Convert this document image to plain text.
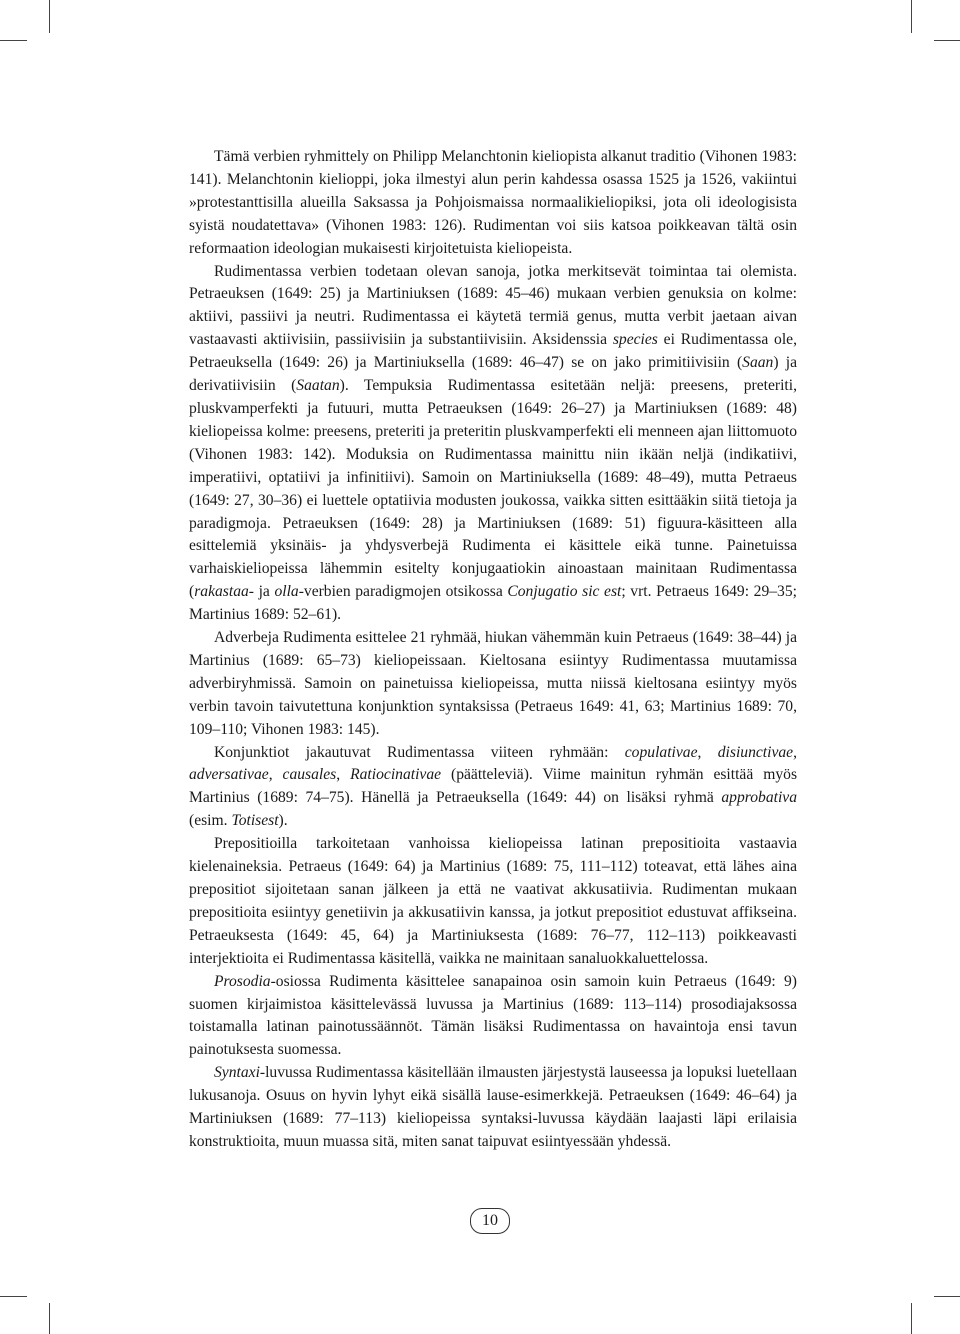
Tämä verbien ryhmittely on Philipp Melanchtonin kieliopista alkanut traditio (Vihonen 1983: 141). Melanchtonin kielioppi, joka ilmestyi alun perin kahdessa osassa 1525 ja 1526, vakiintui »protestanttisilla alueilla Saksassa ja Pohjoismaissa normaalikieliopiksi, jota oli ideologisista syistä noudatettava» (Vihonen 1983: 126). Rudimentan voi siis katsoa poikkeavan tältä osin reformaation ideologian mukaisesti kirjoitetuista kieliopeista.

Rudimentassa verbien todetaan olevan sanoja, jotka merkitsevät toimintaa tai olemista. Petraeuksen (1649: 25) ja Martiniuksen (1689: 45–46) mukaan verbien genuksia on kolme: aktiivi, passiivi ja neutri. Rudimentassa ei käytetä termiä genus, mutta verbit jaetaan aivan vastaavasti aktiivisiin, passiivisiin ja substantiivisiin. Aksidenssia species ei Rudimentassa ole, Petraeuksella (1649: 26) ja Martiniuksella (1689: 46–47) se on jako primitiivisiin (Saan) ja derivatiivisiin (Saatan). Tempuksia Rudimentassa esitetään neljä: preesens, preteriti, pluskvamperfekti ja futuuri, mutta Petraeuksen (1649: 26–27) ja Martiniuksen (1689: 48) kieliopeissa kolme: preesens, preteriti ja preteritin pluskvamperfekti eli menneen ajan liittomuoto (Vihonen 1983: 142). Moduksia on Rudimentassa mainittu niin ikään neljä (indikatiivi, imperatiivi, optatiivi ja infinitiivi). Samoin on Martiniuksella (1689: 48–49), mutta Petraeus (1649: 27, 30–36) ei luettele optatiivia modusten joukossa, vaikka sitten esittääkin siitä tietoja ja paradigmoja. Petraeuksen (1649: 28) ja Martiniuksen (1689: 51) figuura-käsitteen alla esittelemiä yksinäis- ja yhdysverbejä Rudimenta ei käsittele eikä tunne. Painetuissa varhaiskieliopeissa lähemmin esitelty konjugaatiokin ainoastaan mainitaan Rudimentassa (rakastaa- ja olla-verbien paradigmojen otsikossa Conjugatio sic est; vrt. Petraeus 1649: 29–35; Martinius 1689: 52–61).

Adverbeja Rudimenta esittelee 21 ryhmää, hiukan vähemmän kuin Petraeus (1649: 38–44) ja Martinius (1689: 65–73) kieliopeissaan. Kieltosana esiintyy Rudimentassa muutamissa adverbiryhmissä. Samoin on painetuissa kieliopeissa, mutta niissä kieltosana esiintyy myös verbin tavoin taivutettuna konjunktion syntaksissa (Petraeus 1649: 41, 63; Martinius 1689: 70, 109–110; Vihonen 1983: 145).

Konjunktiot jakautuvat Rudimentassa viiteen ryhmään: copulativae, disiunctivae, adversativae, causales, Ratiocinativae (päätteleviä). Viime mainitun ryhmän esittää myös Martinius (1689: 74–75). Hänellä ja Petraeuksella (1649: 44) on lisäksi ryhmä approbativa (esim. Totisest).

Prepositioilla tarkoitetaan vanhoissa kieliopeissa latinan prepositioita vastaavia kielenaineksia. Petraeus (1649: 64) ja Martinius (1689: 75, 111–112) toteavat, että lähes aina prepositiot sijoitetaan sanan jälkeen ja että ne vaativat akkusatiivia. Rudimentan mukaan prepositioita esiintyy genetiivin ja akkusatiivin kanssa, ja jotkut prepositiot edustuvat affikseina. Petraeuksesta (1649: 45, 64) ja Martiniuksesta (1689: 76–77, 112–113) poikkeavasti interjektioita ei Rudimentassa käsitellä, vaikka ne mainitaan sanaluokkaluettelossa.

Prosodia-osiossa Rudimenta käsittelee sanapainoa osin samoin kuin Petraeus (1649: 9) suomen kirjaimistoa käsittelevässä luvussa ja Martinius (1689: 113–114) prosodiajaksossa toistamalla latinan painotussäännöt. Tämän lisäksi Rudimentassa on havaintoja ensi tavun painotuksesta suomessa.

Syntaxi-luvussa Rudimentassa käsitellään ilmausten järjestystä lauseessa ja lopuksi luetellaan lukusanoja. Osuus on hyvin lyhyt eikä sisällä lause-esimerkkejä. Petraeuksen (1649: 46–64) ja Martiniuksen (1689: 77–113) kieliopeissa syntaksi-luvussa käydään laajasti läpi erilaisia konstruktioita, muun muassa sitä, miten sanat taipuvat esiintyessään yhdessä.

10
